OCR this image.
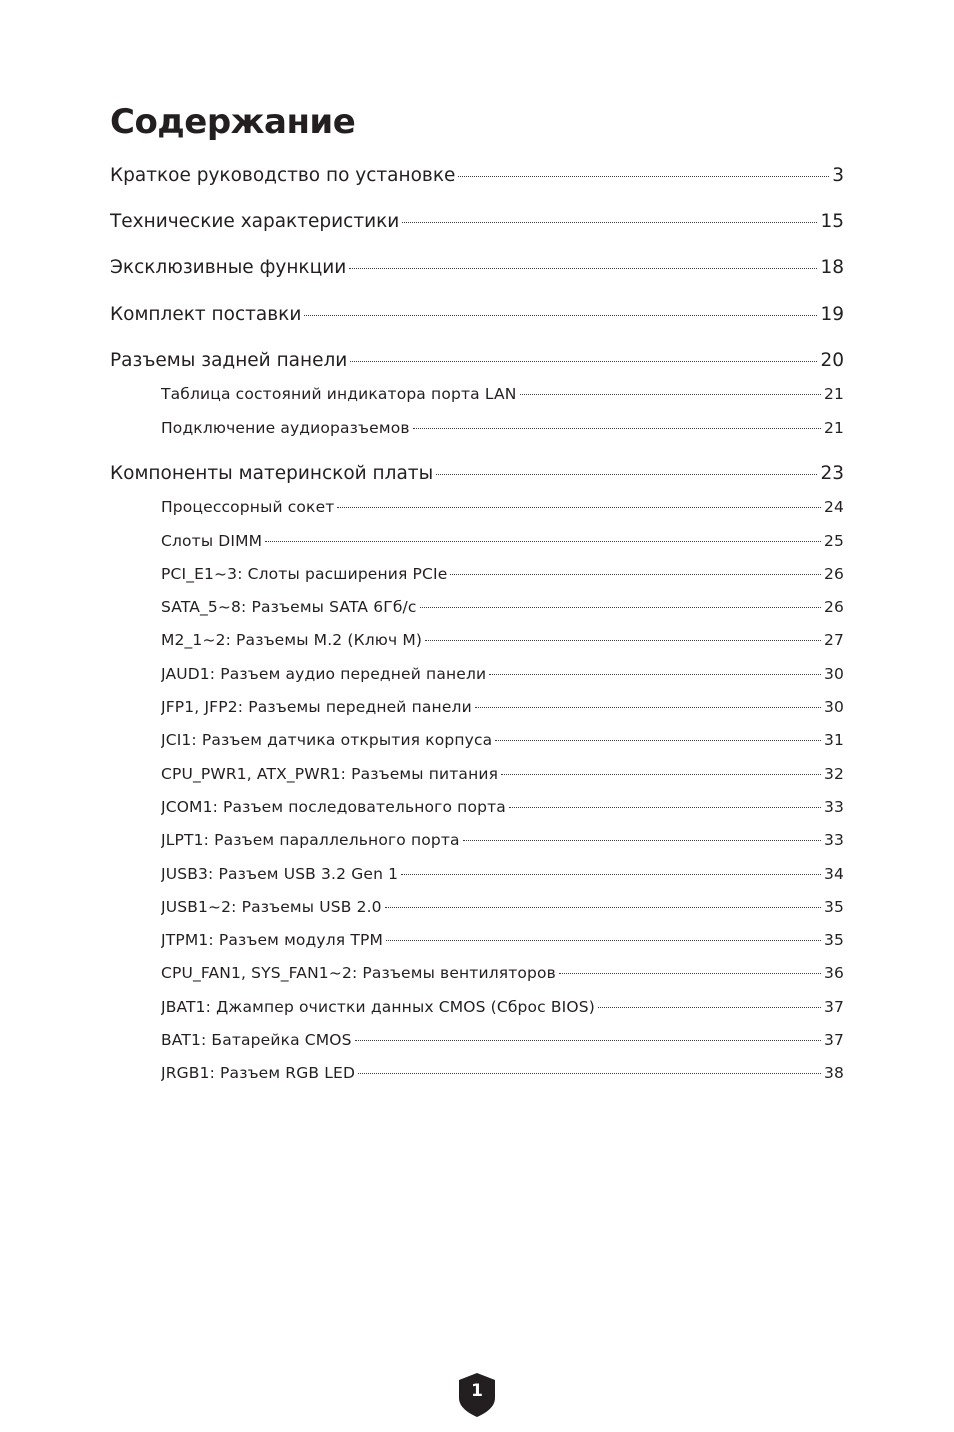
Содержание
Краткое руководство по установке	3
Технические характеристики	15
Эксклюзивные функции	18
Комплект поставки	19
Разъемы задней панели	20
Таблица состояний индикатора порта LAN	21
Подключение аудиоразъемов	21
Компоненты материнской платы	23
Процессорный сокет	24
Слоты DIMM	25
PCI_E1~3: Слоты расширения PCIe	26
SATA_5~8: Разъемы SATA 6Гб/с	26
M2_1~2: Разъемы M.2 (Ключ M)	27
JAUD1: Разъем аудио передней панели	30
JFP1, JFP2: Разъемы передней панели	30
JCI1: Разъем датчика открытия корпуса	31
CPU_PWR1, ATX_PWR1: Разъемы питания	32
JCOM1: Разъем последовательного порта	33
JLPT1: Разъем параллельного порта	33
JUSB3: Разъем USB 3.2 Gen 1	34
JUSB1~2: Разъемы USB 2.0	35
JTPM1: Разъем модуля TPM	35
CPU_FAN1, SYS_FAN1~2: Разъемы вентиляторов	36
JBAT1: Джампер очистки данных CMOS (Сброс BIOS)	37
BAT1: Батарейка CMOS	37
JRGB1: Разъем RGB LED	38
1
